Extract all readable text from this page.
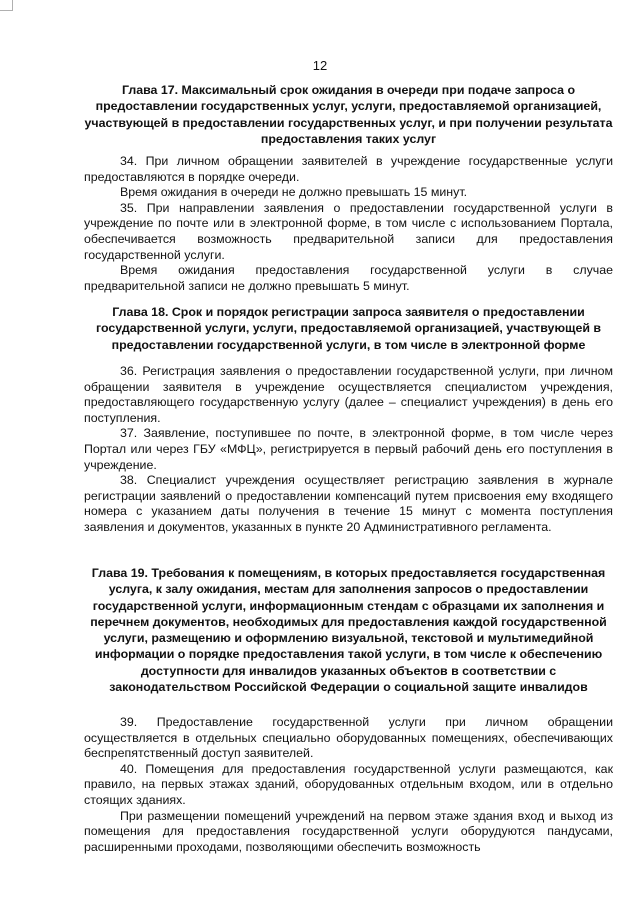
12

Глава 17. Максимальный срок ожидания в очереди при подаче запроса о предоставлении государственных услуг, услуги, предоставляемой организацией, участвующей в предоставлении государственных услуг, и при получении результата предоставления таких услуг

34. При личном обращении заявителей в учреждение государственные услуги предоставляются в порядке очереди.

Время ожидания в очереди не должно превышать 15 минут.

35. При направлении заявления о предоставлении государственной услуги в учреждение по почте или в электронной форме, в том числе с использованием Портала, обеспечивается возможность предварительной записи для предоставления государственной услуги.

Время ожидания предоставления государственной услуги в случае предварительной записи не должно превышать 5 минут.

Глава 18. Срок и порядок регистрации запроса заявителя о предоставлении государственной услуги, услуги, предоставляемой организацией, участвующей в предоставлении государственной услуги, в том числе в электронной форме

36. Регистрация заявления о предоставлении государственной услуги, при личном обращении заявителя в учреждение осуществляется специалистом учреждения, предоставляющего государственную услугу (далее – специалист учреждения) в день его поступления.

37. Заявление, поступившее по почте, в электронной форме, в том числе через Портал или через ГБУ «МФЦ», регистрируется в первый рабочий день его поступления в учреждение.

38. Специалист учреждения осуществляет регистрацию заявления в журнале регистрации заявлений о предоставлении компенсаций путем присвоения ему входящего номера с указанием даты получения в течение 15 минут с момента поступления заявления и документов, указанных в пункте 20 Административного регламента.

Глава 19. Требования к помещениям, в которых предоставляется государственная услуга, к залу ожидания, местам для заполнения запросов о предоставлении государственной услуги, информационным стендам с образцами их заполнения и перечнем документов, необходимых для предоставления каждой государственной услуги, размещению и оформлению визуальной, текстовой и мультимедийной информации о порядке предоставления такой услуги, в том числе к обеспечению доступности для инвалидов указанных объектов в соответствии с законодательством Российской Федерации о социальной защите инвалидов

39. Предоставление государственной услуги при личном обращении осуществляется в отдельных специально оборудованных помещениях, обеспечивающих беспрепятственный доступ заявителей.

40. Помещения для предоставления государственной услуги размещаются, как правило, на первых этажах зданий, оборудованных отдельным входом, или в отдельно стоящих зданиях.

При размещении помещений учреждений на первом этаже здания вход и выход из помещения для предоставления государственной услуги оборудуются пандусами, расширенными проходами, позволяющими обеспечить возможность
